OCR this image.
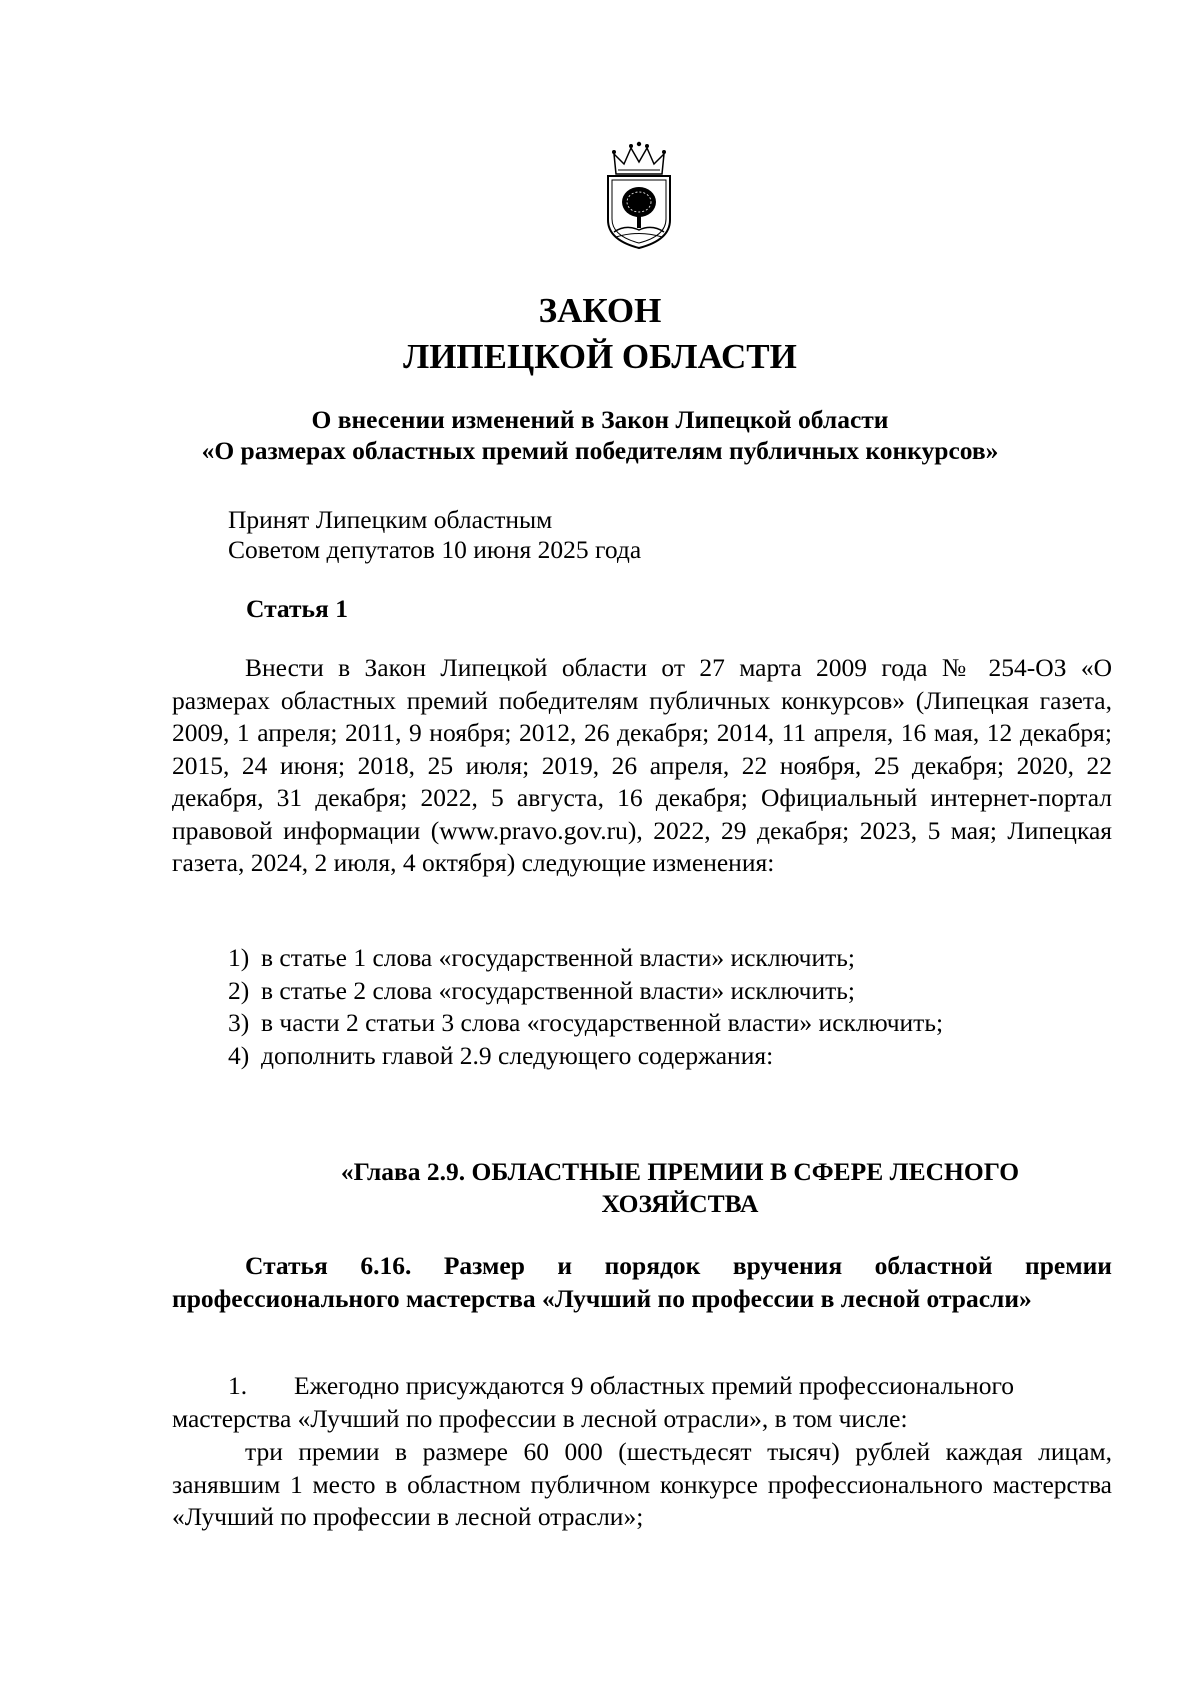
ЗАКОН
ЛИПЕЦКОЙ ОБЛАСТИ
О внесении изменений в Закон Липецкой области
«О размерах областных премий победителям публичных конкурсов»
Принят Липецким областным
Советом депутатов 10 июня 2025 года
Статья 1

Внести в Закон Липецкой области от 27 марта 2009 года № 254-ОЗ «О размерах областных премий победителям публичных конкурсов» (Липецкая газета, 2009, 1 апреля; 2011, 9 ноября; 2012, 26 декабря; 2014, 11 апреля, 16 мая, 12 декабря; 2015, 24 июня; 2018, 25 июля; 2019, 26 апреля, 22 ноября, 25 декабря; 2020, 22 декабря, 31 декабря; 2022, 5 августа, 16 декабря; Официальный интернет-портал правовой информации (www.pravo.gov.ru), 2022, 29 декабря; 2023, 5 мая; Липецкая газета, 2024, 2 июля, 4 октября) следующие изменения:

1) в статье 1 слова «государственной власти» исключить;
2) в статье 2 слова «государственной власти» исключить;
3) в части 2 статьи 3 слова «государственной власти» исключить;
4) дополнить главой 2.9 следующего содержания:
«Глава 2.9. ОБЛАСТНЫЕ ПРЕМИИ В СФЕРЕ ЛЕСНОГО
ХОЗЯЙСТВА
Статья 6.16. Размер и порядок вручения областной премии профессионального мастерства «Лучший по профессии в лесной отрасли»
1. Ежегодно присуждаются 9 областных премий профессионального
мастерства «Лучший по профессии в лесной отрасли», в том числе:

три премии в размере 60 000 (шестьдесят тысяч) рублей каждая лицам, занявшим 1 место в областном публичном конкурсе профессионального мастерства «Лучший по профессии в лесной отрасли»;
